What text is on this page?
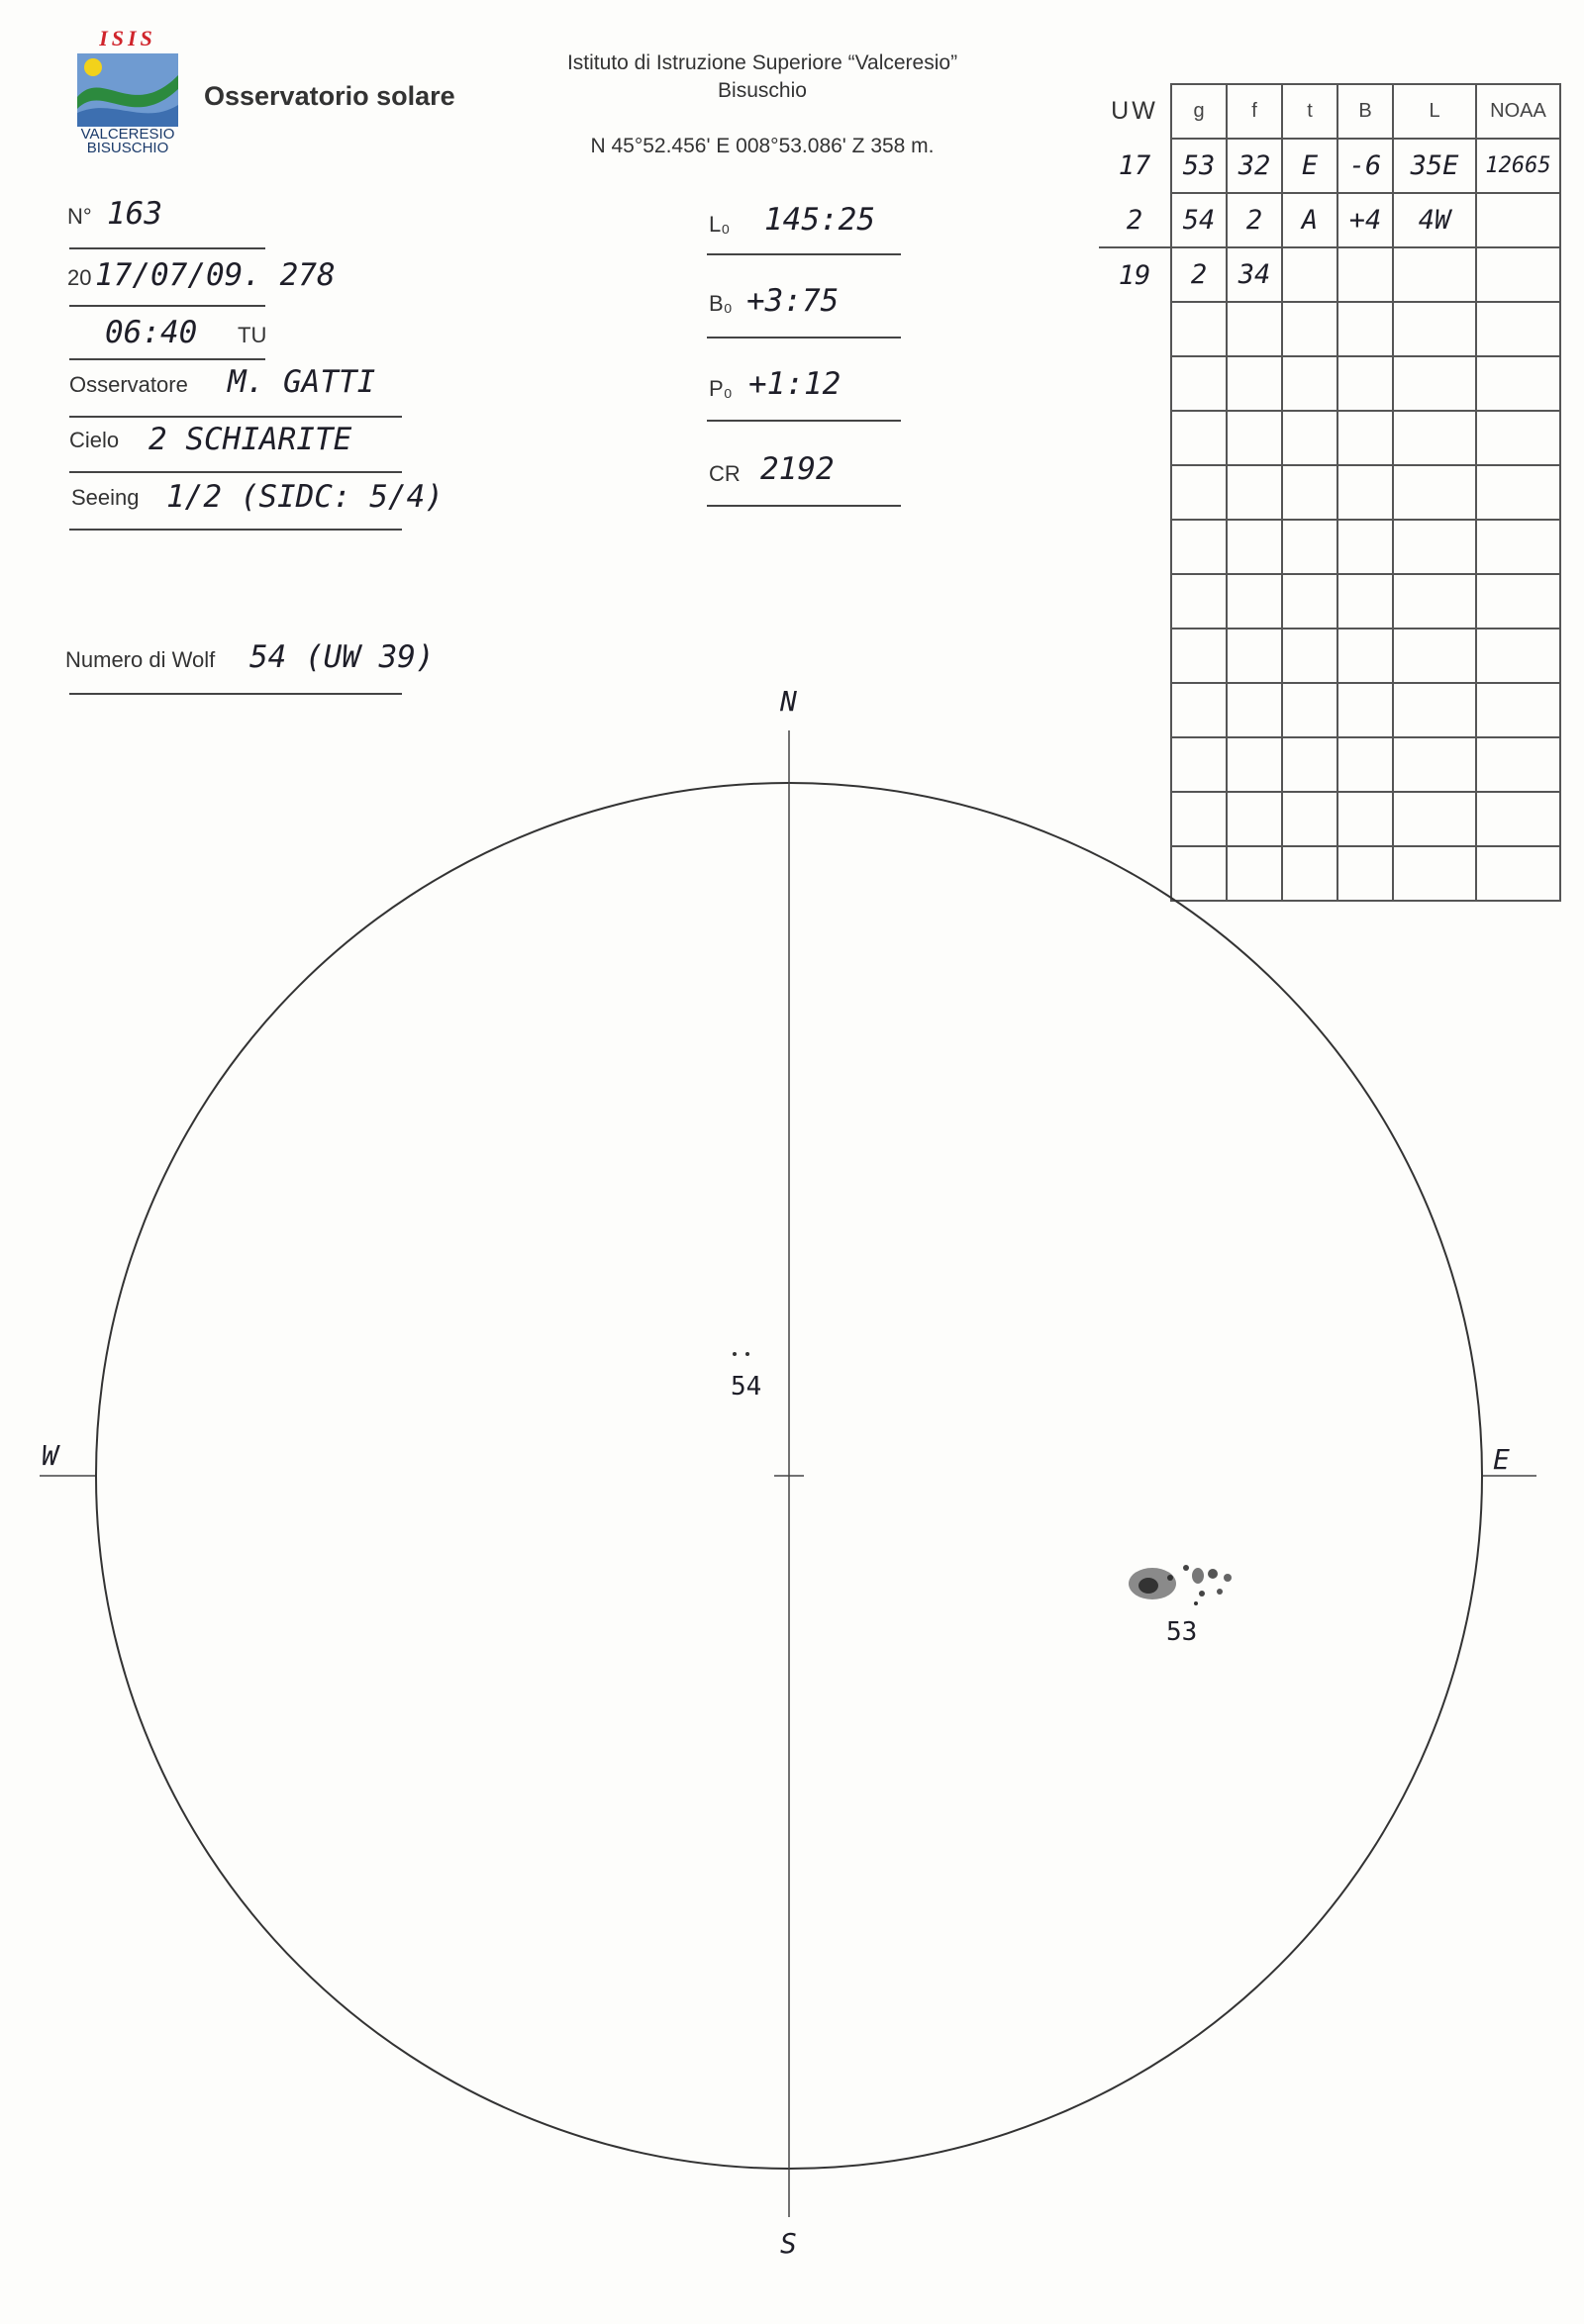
ISIS
VALCERESIO
BISUSCHIO
Osservatorio solare
Istituto di Istruzione Superiore “Valceresio”
Bisuschio
N 45°52.456' E 008°53.086' Z 358 m.
N° 163
20 17/07/09. 278
06:40 TU
Osservatore M. GATTI
Cielo 2 SCHIARITE
Seeing 1/2 (SIDC: 5/4)
Numero di Wolf 54 (UW 39)
L₀ 145:25
B₀ +3:75
P₀ +1:12
CR 2192
UW	g	f	t	B	L	NOAA
17	53	32	E	-6	35E	12665
2	54	2	A	+4	4W	
19	2	34				

N
S
W	E
54
53
